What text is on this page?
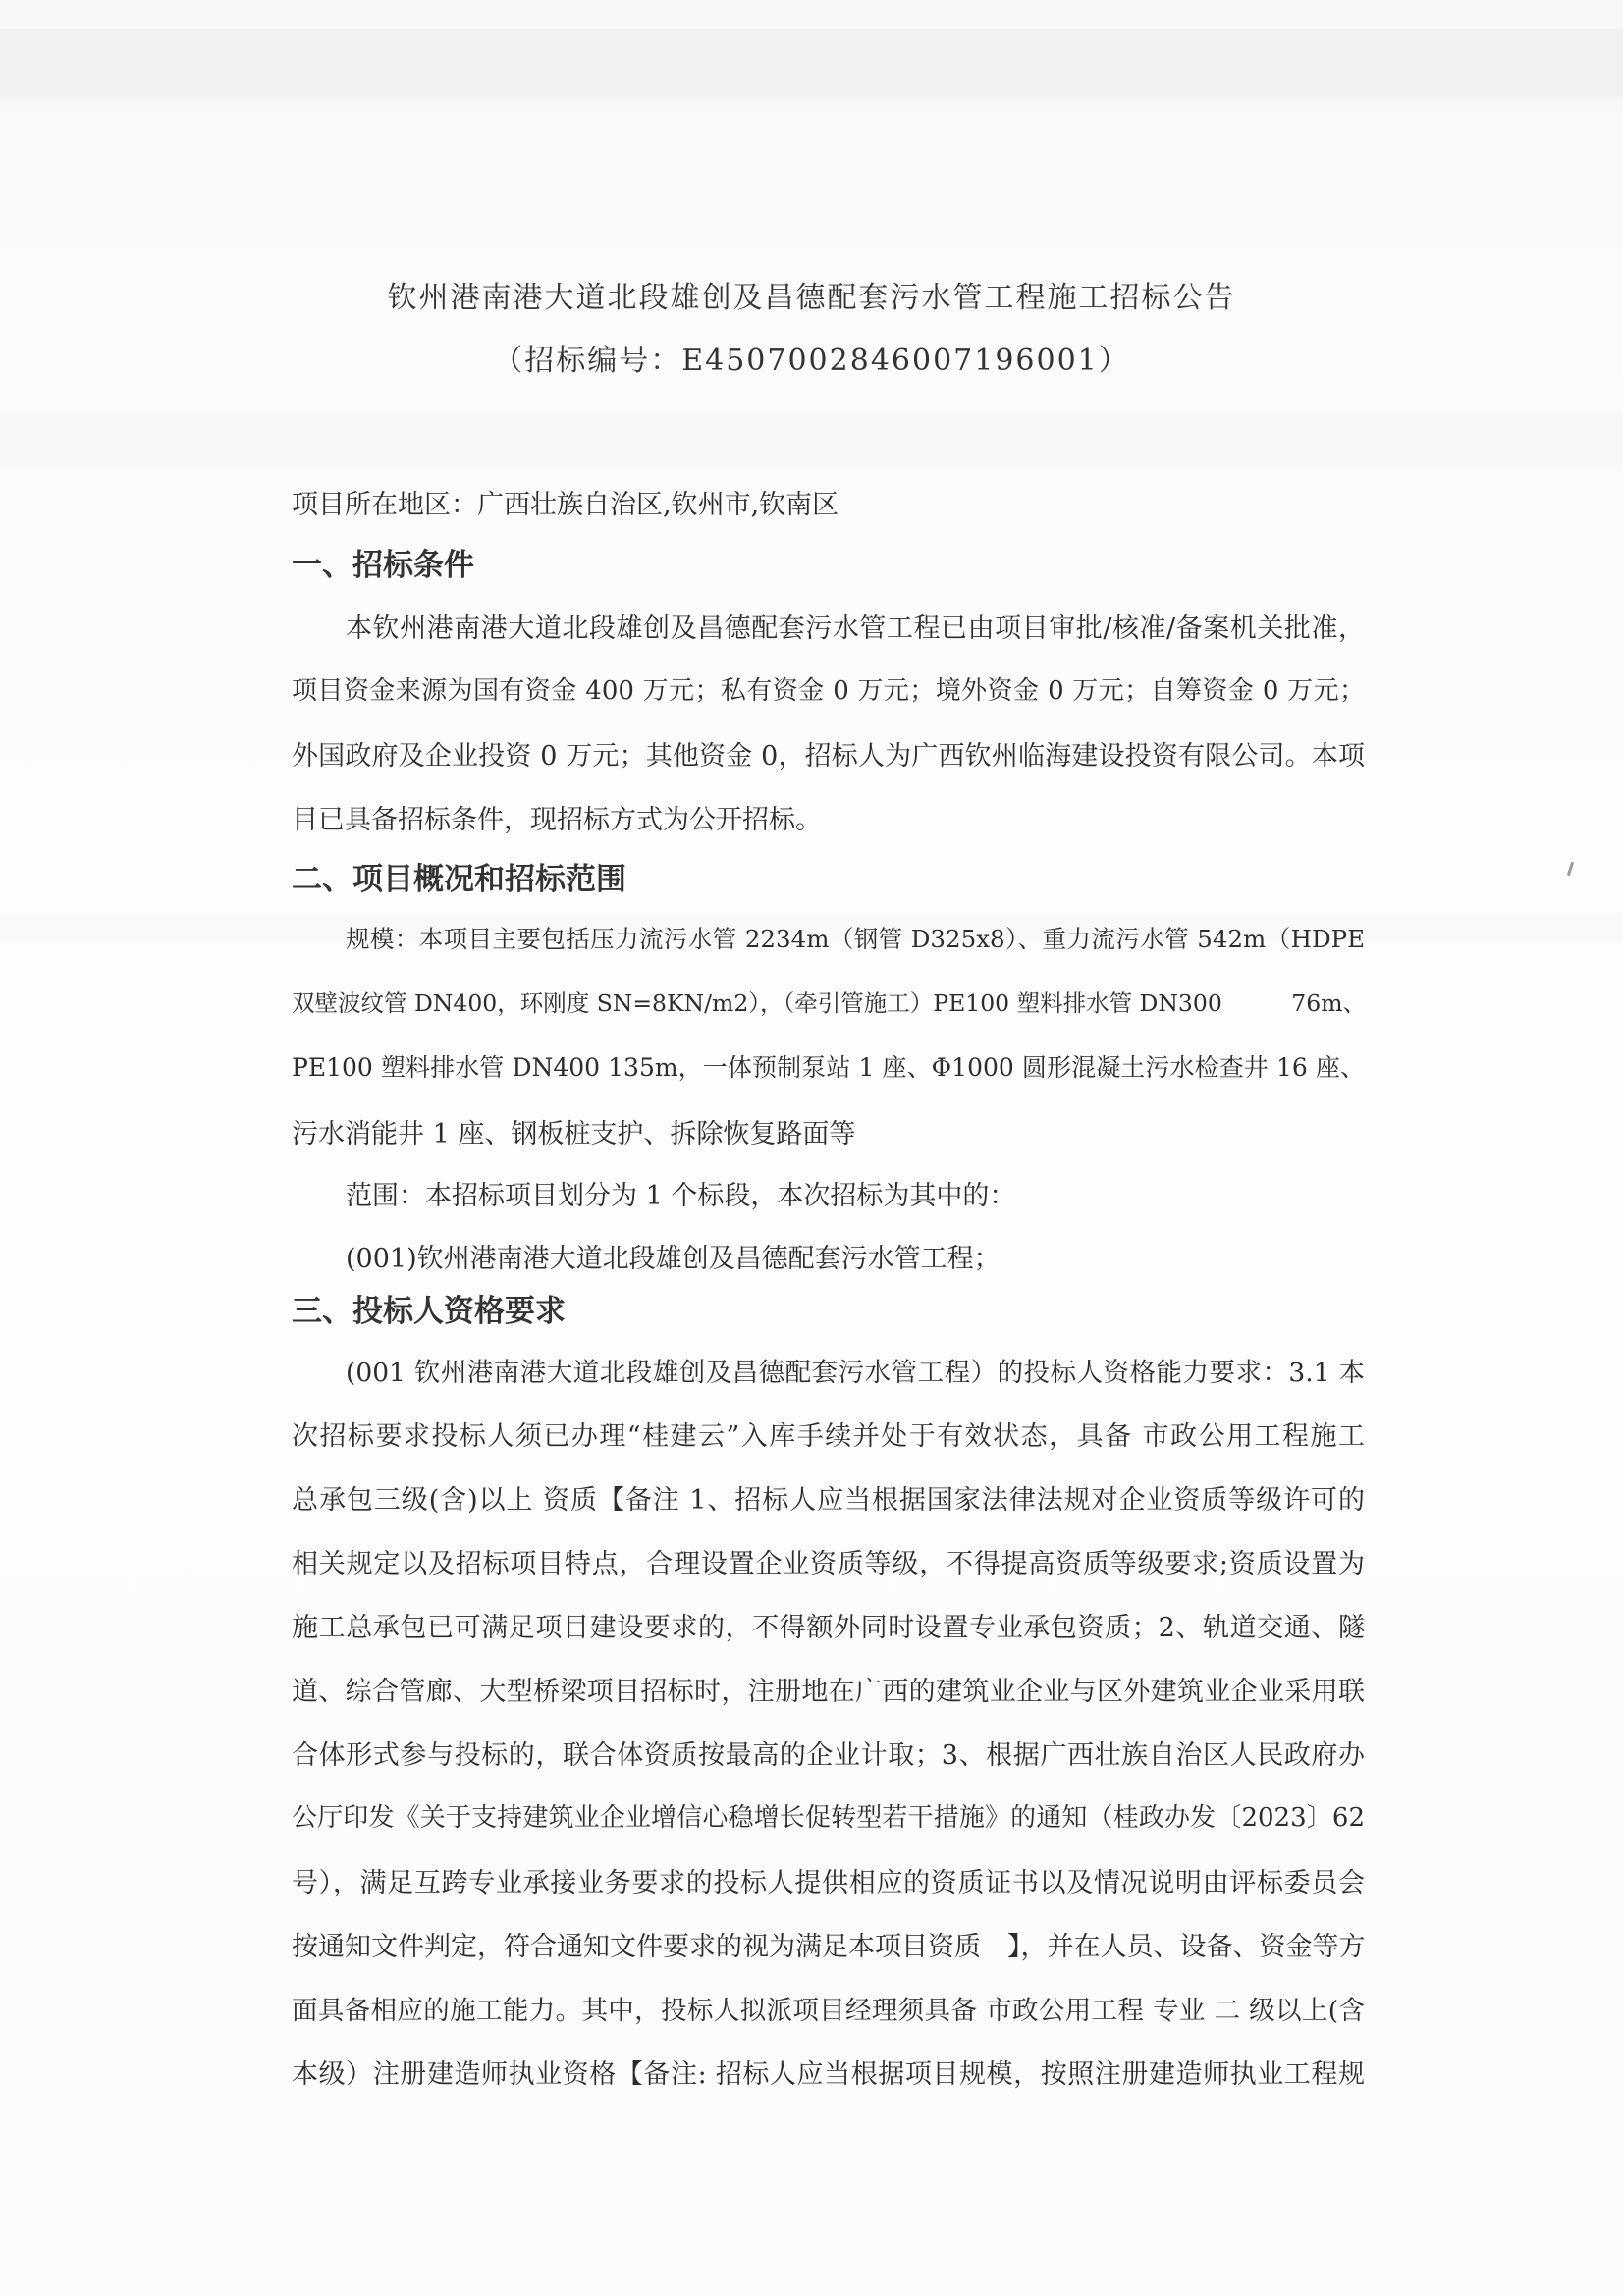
钦州港南港大道北段雄创及昌德配套污水管工程施工招标公告
（招标编号：E4507002846007196001）
项目所在地区：广西壮族自治区,钦州市,钦南区
一、招标条件
本钦州港南港大道北段雄创及昌德配套污水管工程已由项目审批/核准/备案机关批准，
项目资金来源为国有资金 400 万元；私有资金 0 万元；境外资金 0 万元；自筹资金 0 万元；
外国政府及企业投资 0 万元；其他资金 0，招标人为广西钦州临海建设投资有限公司。本项
目已具备招标条件，现招标方式为公开招标。
二、项目概况和招标范围
规模：本项目主要包括压力流污水管 2234m（钢管 D325x8）、重力流污水管 542m（HDPE
双壁波纹管 DN400，环刚度 SN=8KN/m2），（牵引管施工）PE100 塑料排水管 DN300　　　76m、
PE100 塑料排水管 DN400 135m，一体预制泵站 1 座、Φ1000 圆形混凝土污水检查井 16 座、
污水消能井 1 座、钢板桩支护、拆除恢复路面等
范围：本招标项目划分为 1 个标段，本次招标为其中的：
(001)钦州港南港大道北段雄创及昌德配套污水管工程；
三、投标人资格要求
(001 钦州港南港大道北段雄创及昌德配套污水管工程）的投标人资格能力要求：3.1 本
次招标要求投标人须已办理“桂建云”入库手续并处于有效状态，具备 市政公用工程施工
总承包三级(含)以上 资质【备注 1、招标人应当根据国家法律法规对企业资质等级许可的
相关规定以及招标项目特点，合理设置企业资质等级，不得提高资质等级要求;资质设置为
施工总承包已可满足项目建设要求的，不得额外同时设置专业承包资质；2、轨道交通、隧
道、综合管廊、大型桥梁项目招标时，注册地在广西的建筑业企业与区外建筑业企业采用联
合体形式参与投标的，联合体资质按最高的企业计取；3、根据广西壮族自治区人民政府办
公厅印发《关于支持建筑业企业增信心稳增长促转型若干措施》的通知（桂政办发〔2023〕62
号），满足互跨专业承接业务要求的投标人提供相应的资质证书以及情况说明由评标委员会
按通知文件判定，符合通知文件要求的视为满足本项目资质　】，并在人员、设备、资金等方
面具备相应的施工能力。其中，投标人拟派项目经理须具备 市政公用工程 专业 二 级以上(含
本级）注册建造师执业资格【备注: 招标人应当根据项目规模，按照注册建造师执业工程规
